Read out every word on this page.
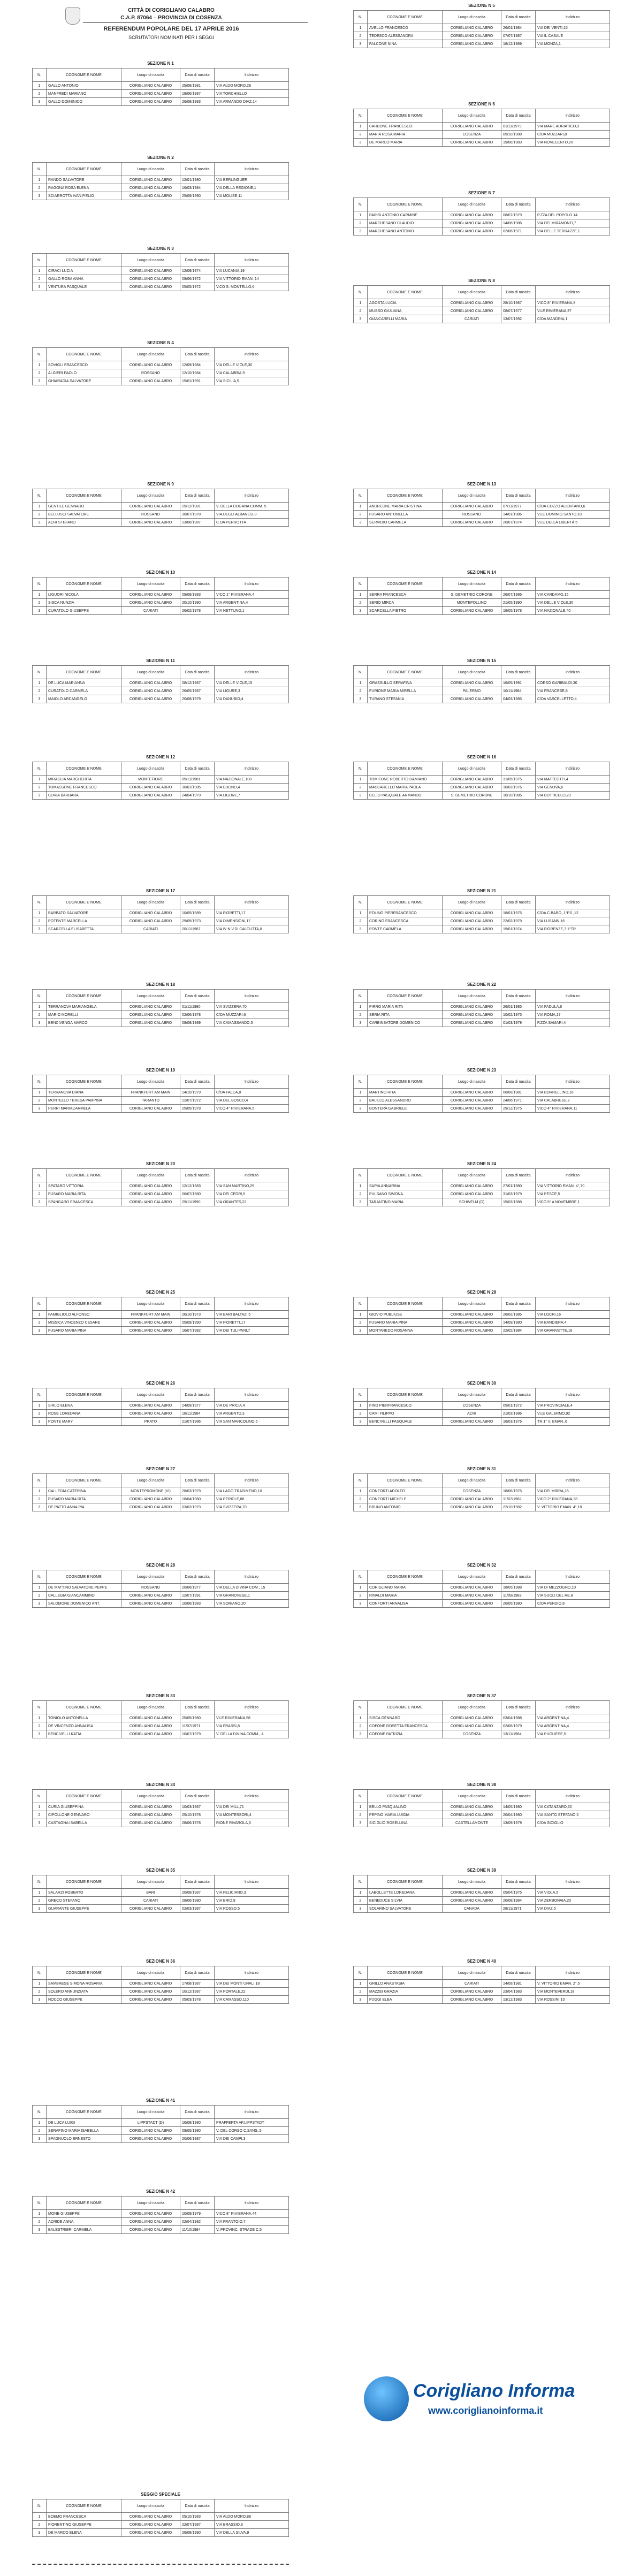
CITTÀ DI CORIGLIANO CALABRO
C.A.P. 87064 – PROVINCIA DI COSENZA
REFERENDUM POPOLARE DEL 17 APRILE 2016
SCRUTATORI NOMINATI PER I SEGGI
SEZIONE N 1
N.	COGNOME E NOME	Luogo di nascita	Data di nascita	Indirizzo
1	GALLO ANTONIO	CORIGLIANO CALABRO	25/08/1981	VIA ALDO MORO,28
2	MANFREDI MARIANO	CORIGLIANO CALABRO	18/06/1987	VIA TORCHIELLO
3	GALLO DOMENICO	CORIGLIANO CALABRO	26/08/1983	VIA ARMANDO DIAZ,14
SEZIONE N 2
N.	COGNOME E NOME	Luogo di nascita	Data di nascita	Indirizzo
1	RANDO SALVATORE	CORIGLIANO CALABRO	12/01/1980	VIA BERLINGUER
2	RAGONA ROSA ELENA	CORIGLIANO CALABRO	16/03/1984	VIA DELLA REGIONE,1
3	SCIARROTTA IVAN P.ELIO	CORIGLIANO CALABRO	25/09/1990	VIA MOLISE,11
SEZIONE N 3
N.	COGNOME E NOME	Luogo di nascita	Data di nascita	Indirizzo
1	CIRACI LUCIA	CORIGLIANO CALABRO	12/09/1974	VIA LUCANIA,19
2	GALLO ROSA ANNA	CORIGLIANO CALABRO	08/06/1972	VIA VITTORIO EMAN. 14
3	VENTURA PASQUALE	CORIGLIANO CALABRO	05/05/1972	V.CO S. MONTELLO,6
SEZIONE N 4
N.	COGNOME E NOME	Luogo di nascita	Data di nascita	Indirizzo
1	SOVIGLI FRANCESCO	CORIGLIANO CALABRO	12/09/1984	VIA DELLE VIOLE,30
2	ALGIERI PAOLO	ROSSANO	12/10/1984	VIA CALABRIA,9
3	GHIARADIA SALVATORE	CORIGLIANO CALABRO	15/01/1991	VIA SICILIA,5
SEZIONE N 9
N.	COGNOME E NOME	Luogo di nascita	Data di nascita	Indirizzo
1	GENTILE GENNARO	CORIGLIANO CALABRO	25/12/1981	V. DELLA DOGANA COMM. 5
2	BELLUSCI SALVATORE	ROSSANO	30/07/1978	VIA DEGLI ALBANESI,8
3	ACRI STEFANO	CORIGLIANO CALABRO	13/06/1987	C.DA PERROTTA
SEZIONE N 10
N.	COGNOME E NOME	Luogo di nascita	Data di nascita	Indirizzo
1	LIGUORI NICOLA	CORIGLIANO CALABRO	09/08/1983	VICO 1° RIVIERANA,4
2	SISCA NUNZIA	CORIGLIANO CALABRO	20/10/1990	VIA ARGENTINA,4
3	CURATOLO GIUSEPPE	CARIATI	26/02/1978	VIA NETTUNO,1
SEZIONE N 11
N.	COGNOME E NOME	Luogo di nascita	Data di nascita	Indirizzo
1	DE LUCA MARIANNA	CORIGLIANO CALABRO	08/12/1987	VIA DELLE VIOLE,15
2	CURATOLO CARMELA	CORIGLIANO CALABRO	26/05/1987	VIA LIGURE,3
3	MAIOLO ARCANGELO	CORIGLIANO CALABRO	20/08/1979	VIA DANUBIO,4
SEZIONE N 12
N.	COGNOME E NOME	Luogo di nascita	Data di nascita	Indirizzo
1	MIRAGLIA MARGHERITA	MONTEFIORE	05/11/1981	VIA NAZIONALE,108
2	TOMASSONE FRANCESCO	CORIGLIANO CALABRO	30/01/1985	VIA BUONO,4
3	CURIA BARBARA	CORIGLIANO CALABRO	24/04/1979	VIA LIGURE,7
SEZIONE N 17
N.	COGNOME E NOME	Luogo di nascita	Data di nascita	Indirizzo
1	BARBATO SALVATORE	CORIGLIANO CALABRO	10/05/1989	VIA FIORETTI,17
2	POTENTE MARCELLA	CORIGLIANO CALABRO	29/09/1973	VIA DIMENSIONI,17
3	SCARCELLA ELISABETTA	CARIATI	20/11/1987	VIA IV N.V.DI CALCUTTA,8
SEZIONE N 18
N.	COGNOME E NOME	Luogo di nascita	Data di nascita	Indirizzo
1	TERRANOVA MARIANGELA	CORIGLIANO CALABRO	01/11/1980	VIA SVIZZERA,70
2	MARIO MORELLI	CORIGLIANO CALABRO	02/06/1978	C/DA MUZZARI,6
3	BENCIVENGA MARCO	CORIGLIANO CALABRO	08/08/1989	VIA CAMASSANDO,5
SEZIONE N 19
N.	COGNOME E NOME	Luogo di nascita	Data di nascita	Indirizzo
1	TERRANOVA DIANA	FRANKFURT AM MAIN	14/10/1979	C/DA FALCA,8
2	MONTELLO TERESA PAMPINA	TARANTO	12/07/1972	VIA DEL BOSCO,4
3	PERRI MARIACARMELA	CORIGLIANO CALABRO	25/05/1978	VICO 4° RIVIERANA,5
SEZIONE N 20
N.	COGNOME E NOME	Luogo di nascita	Data di nascita	Indirizzo
1	SPATARO VITTORIA	CORIGLIANO CALABRO	12/12/1983	VIA SAN MARTINO,25
2	FUSARO MARIA RITA	CORIGLIANO CALABRO	06/07/1980	VIA DEI CEDRI,5
3	SPANGARO FRANCESCA	CORIGLIANO CALABRO	29/11/1990	VIA ORANTES,22
SEZIONE N 25
N.	COGNOME E NOME	Luogo di nascita	Data di nascita	Indirizzo
1	FAMIGLIOLO ALFONSO	FRANKFURT AM MAIN	26/10/1973	VIA BARI BALTAZI,5
2	MISSICA VINCENZO CESARE	CORIGLIANO CALABRO	05/09/1990	VIA FIORETTI,17
3	FUSARO MARIA PINA	CORIGLIANO CALABRO	16/07/1982	VIA DEI TULIPANI,7
SEZIONE N 26
N.	COGNOME E NOME	Luogo di nascita	Data di nascita	Indirizzo
1	SIRLO ELENA	CORIGLIANO CALABRO	24/09/1977	VIA DE PRICIA,4
2	ROSE LOREDANA	CORIGLIANO CALABRO	18/11/1984	VIA ARGENTO,3
3	PONTE MARY	PRATO	21/07/1986	VIA SAN MARCOLINO,6
SEZIONE N 27
N.	COGNOME E NOME	Luogo di nascita	Data di nascita	Indirizzo
1	CALLEGIA CATERINA	MONTEPROMONE (VI)	28/03/1979	VIA LAGO TRASIMENO,10
2	FUSARO MARIA RITA	CORIGLIANO CALABRO	18/04/1980	VIA PERICLE,88
3	DE PATTO ANNA PIA	CORIGLIANO CALABRO	03/02/1979	VIA SVIZZERA,70
SEZIONE N 28
N.	COGNOME E NOME	Luogo di nascita	Data di nascita	Indirizzo
1	DE MATTINO SALVATORE PEPPE	ROSSANO	20/06/1977	VIA DELLA DIVINA COM., 15
2	CALLEGIA GIANCAMMINO	CORIGLIANO CALABRO	12/07/1991	VIA GRANOVESE,1
3	SALOMONE DOMENICO ANT.	CORIGLIANO CALABRO	10/06/1983	VIA SORIANO,20
SEZIONE N 33
N.	COGNOME E NOME	Luogo di nascita	Data di nascita	Indirizzo
1	TONIOLO ANTONELLA	CORIGLIANO CALABRO	25/05/1980	V.LE RIVIERANA,58
2	DE VINCENZO ANNALISA	CORIGLIANO CALABRO	11/07/1971	VIA FRASSI,8
3	BENCIVELLI KATIA	CORIGLIANO CALABRO	10/07/1979	V. DELLA DIVINA COMM., 4
SEZIONE N 34
N.	COGNOME E NOME	Luogo di nascita	Data di nascita	Indirizzo
1	CURIA GIUSEPPINA	CORIGLIANO CALABRO	10/03/1987	VIA DEI MILL,71
2	CIPOLLONE GENNARO	CORIGLIANO CALABRO	25/10/1978	VIA MONTESSORI,4
3	CASTAGNA ISABELLA	CORIGLIANO CALABRO	28/06/1978	RIONE RIVAROLA,5
SEZIONE N 35
N.	COGNOME E NOME	Luogo di nascita	Data di nascita	Indirizzo
1	SALARZI ROBERTO	BARI	20/08/1987	VIA FELICIANO,3
2	GRECO STEFANO	CARIATI	28/06/1980	VIA BRIO,9
3	GUARANTE GIUSEPPE	CORIGLIANO CALABRO	02/03/1987	VIA ROSSO,5
SEZIONE N 36
N.	COGNOME E NOME	Luogo di nascita	Data di nascita	Indirizzo
1	SAMBRESE SIMONA ROSARIA	CORIGLIANO CALABRO	17/08/1987	VIA DEI MONTI UNALI,18
2	SOLERO ANNUNZIATA	CORIGLIANO CALABRO	10/12/1987	VIA PORTALE,22
3	NOCCO GIUSEPPE	CORIGLIANO CALABRO	05/03/1978	VIA CAMASSO,110
SEZIONE N 41
N.	COGNOME E NOME	Luogo di nascita	Data di nascita	Indirizzo
1	DE LUCA LUIGI	LIPPSTADT (D)	16/08/1980	PRAFFERTA AF.LIPPSTADT
2	SERAFINO MARIA ISABELLA	CORIGLIANO CALABRO	09/05/1980	V. DEL CORSO C.SANS.,5
3	SPAGNUOLO ERNESTO	CORIGLIANO CALABRO	20/06/1987	VIA DEI CAMPI,3
SEZIONE N 42
N.	COGNOME E NOME	Luogo di nascita	Data di nascita	Indirizzo
1	MONE GIUSEPPE	CORIGLIANO CALABRO	10/09/1979	VICO 8° RIVIERANA,44
2	ACRIDE ANNA	CORIGLIANO CALABRO	02/04/1982	VIA FRANTOIO,7
3	BALESTRIERI CARMELA	CORIGLIANO CALABRO	11/10/1984	V. PROVINC. STRADE C.5
SEZIONE N 5
N.	COGNOME E NOME	Luogo di nascita	Data di nascita	Indirizzo
1	AVELLO FRANCESCO	CORIGLIANO CALABRO	26/01/1984	VIA DEI VENTI,15
2	TEDESCO ALESSANDRA	CORIGLIANO CALABRO	07/07/1987	VIA IL CASALE
3	FALCONE NINA	CORIGLIANO CALABRO	18/12/1989	VIA MONZA,1
SEZIONE N 6
N.	COGNOME E NOME	Luogo di nascita	Data di nascita	Indirizzo
1	CARBONE FRANCESCO	CORIGLIANO CALABRO	01/11/1979	VIA MARE ADRIATICO,9
2	MARIA ROSA MARIA	COSENZA	05/10/1988	C/DA MUZZARI,8
3	DE MARCO MARIA	CORIGLIANO CALABRO	19/08/1983	VIA NOVECENTO,20
SEZIONE N 7
N.	COGNOME E NOME	Luogo di nascita	Data di nascita	Indirizzo
1	PARISI ANTONIO CARMINE	CORIGLIANO CALABRO	08/07/1979	P.ZZA DEL POPOLO 14
2	MARCHESANO CLAUDIO	CORIGLIANO CALABRO	14/06/1986	VIA DEI MIRAMONTI,7
3	MARCHESANO ANTONIO	CORIGLIANO CALABRO	02/06/1971	VIA DELLE TERRAZZE,1
SEZIONE N 8
N.	COGNOME E NOME	Luogo di nascita	Data di nascita	Indirizzo
1	AGOSTA LUCIA	CORIGLIANO CALABRO	28/10/1987	VICO 8° RIVIERANA,8
2	MUSSO GIULIANA	CORIGLIANO CALABRO	08/07/1977	V.LE RIVIERANA,37
3	GIANCARELLI MARIA	CARIATI	13/07/1992	C/DA MANDRIA,1
SEZIONE N 13
N.	COGNOME E NOME	Luogo di nascita	Data di nascita	Indirizzo
1	ANDREONE MARIA CRISTINA	CORIGLIANO CALABRO	07/11/1977	C/DA COZZO ALIENTANO,6
2	FUSARO ANTONELLA	ROSSANO	14/01/1986	V.LE DOMINIO SANTO,10
3	SERVIDIO CARMELA	CORIGLIANO CALABRO	20/07/1974	V.LE DELLA LIBERTÀ,5
SEZIONE N 14
N.	COGNOME E NOME	Luogo di nascita	Data di nascita	Indirizzo
1	SERRA FRANCESCA	S. DEMETRIO CORONE	26/07/1986	VIA CARDAMO,15
2	SERIO MIRCA	MONTEPOLLINO	21/05/1990	VIA DELLE VIOLE,30
3	SCARCELLA PIETRO	CORIGLIANO CALABRO	18/05/1978	VIA NAZIONALE,40
SEZIONE N 15
N.	COGNOME E NOME	Luogo di nascita	Data di nascita	Indirizzo
1	GRASSULLO SERAFINA	CORIGLIANO CALABRO	16/05/1991	CORSO GARIBALDI,30
2	FURIONE MARIA MIRELLA	PALERMO	10/11/1984	VIA FRANCESE,8
3	TURANO STEFANIA	CORIGLIANO CALABRO	04/03/1985	C/DA VASCELLETTO,4
SEZIONE N 16
N.	COGNOME E NOME	Luogo di nascita	Data di nascita	Indirizzo
1	TOMIFONE ROBERTO DAMIANO	CORIGLIANO CALABRO	31/05/1975	VIA MATTEOTTI,4
2	MASCARELLO MARIA PAOLA	CORIGLIANO CALABRO	10/02/1976	VIA GENOVA,6
3	CELIO PASQUALE ARMANDO	S. DEMETRIO CORONE	10/10/1985	VIA BOTTICELLI,23
SEZIONE N 21
N.	COGNOME E NOME	Luogo di nascita	Data di nascita	Indirizzo
1	POLINO PIERFRANCESCO	CORIGLIANO CALABRO	18/01/1975	C/DA C.BARO, 1°PS.,12
2	CORINO FRANCESCA	CORIGLIANO CALABRO	22/02/1979	VIA LUSANN,16
3	PONTE CARMELA	CORIGLIANO CALABRO	19/01/1974	VIA FIORENZE,7 1°TR
SEZIONE N 22
N.	COGNOME E NOME	Luogo di nascita	Data di nascita	Indirizzo
1	PIRRO MARIA RITA	CORIGLIANO CALABRO	26/01/1985	VIA PADULA,6
2	SERIA RITA	CORIGLIANO CALABRO	10/02/1975	VIA ROMA,17
3	CARBINSATORE DOMENICO	CORIGLIANO CALABRO	01/03/1979	P.ZZA SAMARI,4
SEZIONE N 23
N.	COGNOME E NOME	Luogo di nascita	Data di nascita	Indirizzo
1	MARTINO RITA	CORIGLIANO CALABRO	06/08/1981	VIA BORRELLINO,16
2	BALILLO ALESSANDRO	CORIGLIANO CALABRO	24/06/1971	VIA CALABRESE,2
3	BONTERA GABRIELE	CORIGLIANO CALABRO	29/12/1975	VICO 4° RIVIERANA,11
SEZIONE N 24
N.	COGNOME E NOME	Luogo di nascita	Data di nascita	Indirizzo
1	SAPIA ANNARINA	CORIGLIANO CALABRO	27/01/1980	VIA VITTORIO EMAN. 4°,70
2	PULSANO SIMONA	CORIGLIANO CALABRO	31/03/1979	VIA PESCE,5
3	TARANTINO MARIA	SCHWELM (D)	15/03/1988	VICO 5° A NOVEMBRE,1
SEZIONE N 29
N.	COGNOME E NOME	Luogo di nascita	Data di nascita	Indirizzo
1	GIOVIO PUBLIUSE	CORIGLIANO CALABRO	26/02/1985	VIA LOCRI,16
2	FUSARO MARIA PINA	CORIGLIANO CALABRO	14/09/1980	VIA BANDIERA,4
3	MONTAREDO ROSANNA	CORIGLIANO CALABRO	22/02/1984	VIA GRANVETTE,16
SEZIONE N 30
N.	COGNOME E NOME	Luogo di nascita	Data di nascita	Indirizzo
1	FINO PIERFRANCESCO	COSENZA	05/01/1972	VIA PROVINCIALE,4
2	CAMI FILIPPO	ACRI	21/03/1986	V.LE GALERMO,92
3	BENCIVELLI PASQUALE	CORIGLIANO CALABRO	16/03/1976	TR.1° V. EMAN.,6
SEZIONE N 31
N.	COGNOME E NOME	Luogo di nascita	Data di nascita	Indirizzo
1	CONFORTI ADOLFO	COSENZA	18/06/1975	VIA DEI MIRRA,16
2	CONFORTI MICHELE	CORIGLIANO CALABRO	11/07/1982	VICO 2° RIVIERANA,38
3	BRUNO ANTONIO	CORIGLIANO CALABRO	22/10/1982	V. VITTORIO EMAN. 4°,18
SEZIONE N 32
N.	COGNOME E NOME	Luogo di nascita	Data di nascita	Indirizzo
1	CORIGLIANO MARIA	CORIGLIANO CALABRO	18/05/1988	VIA DI MEZZOGNO,10
2	RINALDI MARIA	CORIGLIANO CALABRO	11/09/1983	VIA SUOLI DEL RE,8
3	CONFORTI ANNALISA	CORIGLIANO CALABRO	20/05/1980	C/DA PENDIO,8
SEZIONE N 37
N.	COGNOME E NOME	Luogo di nascita	Data di nascita	Indirizzo
1	SISCA GENNARO	CORIGLIANO CALABRO	03/04/1988	VIA ARGENTINA,4
2	COFONE ROSETTA FRANCESCA	CORIGLIANO CALABRO	02/08/1979	VIA ARGENTINA,4
3	COFONE PATRIZIA	COSENZA	13/11/1984	VIA PUGLIESE,5
SEZIONE N 38
N.	COGNOME E NOME	Luogo di nascita	Data di nascita	Indirizzo
1	BELLO PASQUALINO	CORIGLIANO CALABRO	14/05/1980	VIA CATANZARO,30
2	PEPINO MARIA LUIGIA	CORIGLIANO CALABRO	20/04/1980	VIA SANTO STEFANO,5
3	SICIGLIO ROSELLINA	CASTELLAMONTE	13/09/1979	C/DA SICIGLIO
SEZIONE N 39
N.	COGNOME E NOME	Luogo di nascita	Data di nascita	Indirizzo
1	LABOLLETTE LOREDANA	CORIGLIANO CALABRO	05/04/1975	VIA VIOLA,5
2	BENEDUCE SILVIA	CORIGLIANO CALABRO	20/08/1984	VIA ZERBONAIA,20
3	SOLARINO SALVATORE	CANADA	28/11/1971	VIA DIAZ,5
SEZIONE N 40
N.	COGNOME E NOME	Luogo di nascita	Data di nascita	Indirizzo
1	GRILLO ANASTASIA	CARIATI	14/09/1981	V. VITTORIO EMAN. 2°,5
2	MAZZEI GRAZIA	CORIGLIANO CALABRO	23/04/1983	VIA MONTEVERDI,18
3	PUGGI ELEA	CORIGLIANO CALABRO	13/12/1983	VIA ROSSINI,10
SEGGIO SPECIALE
N.	COGNOME E NOME	Luogo di nascita	Data di nascita	Indirizzo
1	BOEMO FRANCESCA	CORIGLIANO CALABRO	05/10/1983	VIA ALDO MORO,88
2	FIORENTINO GIUSEPPE	CORIGLIANO CALABRO	22/07/1987	VIA BRASSIO,8
3	DE MARCO ELENA	CORIGLIANO CALABRO	26/08/1990	VIA DELLA SILVA,9
Corigliano Informa
www.coriglianoinforma.it
